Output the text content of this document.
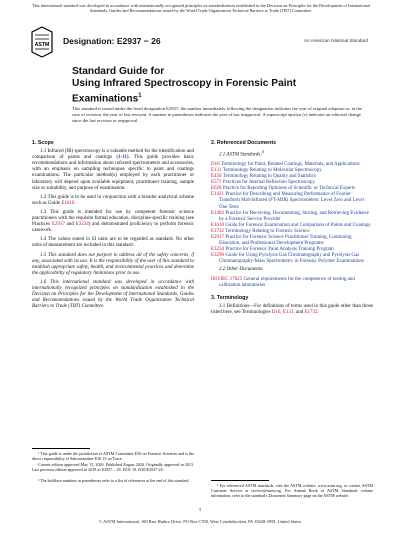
This international standard was developed in accordance with internationally recognized principles on standardization established in the Decision on Principles for the Development of International Standards, Guides and Recommendations issued by the World Trade Organization Technical Barriers to Trade (TBT) Committee.
ASTM Designation: E2937 − 26	An American National Standard
Standard Guide for
Using Infrared Spectroscopy in Forensic Paint
Examinations$^1$
This standard is issued under the fixed designation E2937; the number immediately following the designation indicates the year of original adoption or, in the case of revision, the year of last revision. A number in parentheses indicates the year of last reapproval. A superscript epsilon (ε) indicates an editorial change since the last revision or reapproval.
1. Scope

1.1 Infrared (IR) spectroscopy is a valuable method for the identification and comparison of paints and coatings (1-11). This guide provides basic recommendations and information about infrared spectrometers and accessories, with an emphasis on sampling techniques specific to paint and coatings examinations. The particular method(s) employed by each practitioner or laboratory will depend upon available equipment, practitioner training, sample size or suitability, and purpose of examination.

1.2 This guide is to be used in conjunction with a broader analytical scheme such as Guide E1610.

1.3 This guide is intended for use by competent forensic science practitioners with the requisite formal education, discipline-specific training (see Practices E2917 and E3234) and demonstrated proficiency to perform forensic casework.

1.4 The values stated in SI units are to be regarded as standard. No other units of measurement are included in this standard.

1.5 This standard does not purport to address all of the safety concerns, if any, associated with its use. It is the responsibility of the user of this standard to establish appropriate safety, health, and environmental practices and determine the applicability of regulatory limitations prior to use.

1.6 This international standard was developed in accordance with internationally recognized principles on standardization established in the Decision on Principles for the Development of International Standards, Guides and Recommendations issued by the World Trade Organization Technical Barriers to Trade (TBT) Committee.

¹ This guide is under the jurisdiction of ASTM Committee E30 on Forensic Sciences and is the direct responsibility of Subcommittee E30.15 on Trace.
Current edition approved May 15, 2026. Published August 2026. Originally approved in 2013. Last previous edition approved in 2018 as E2937 – 18. DOI: 10.1520/E2937-26.
² The boldface numbers in parentheses refer to a list of references at the end of this standard.
2. Referenced Documents

2.1 ASTM Standards:$^3$

D16 Terminology for Paint, Related Coatings, Materials, and Applications
E131 Terminology Relating to Molecular Spectroscopy
E456 Terminology Relating to Quality and Statistics
E573 Practices for Internal Reflection Spectroscopy
E620 Practice for Reporting Opinions of Scientific or Technical Experts
E1421 Practice for Describing and Measuring Performance of Fourier Transform Mid-Infrared (FT-MIR) Spectrometers: Level Zero and Level One Tests
E1492 Practice for Receiving, Documenting, Storing, and Retrieving Evidence by a Forensic Service Provider
E1610 Guide for Forensic Examination and Comparison of Paints and Coatings
E1732 Terminology Relating to Forensic Science
E2917 Practice for Forensic Science Practitioner Training, Continuing Education, and Professional Development Programs
E3234 Practice for Forensic Paint Analysis Training Program
E3296 Guide for Using Pyrolysis Gas Chromatography and Pyrolysis Gas Chromatography-Mass Spectrometry in Forensic Polymer Examinations

2.2 Other Documents:

ISO/IEC 17025 General requirements for the competence of testing and calibration laboratories
3. Terminology

3.1 Definitions—For definitions of terms used in this guide other than those listed here, see Terminologies D16, E131, and E1732.

³ For referenced ASTM standards, visit the ASTM website, www.astm.org, or contact ASTM Customer Service at service@astm.org. For Annual Book of ASTM Standards volume information, refer to the standard's Document Summary page on the ASTM website.
1
© ASTM International, 100 Barr Harbor Drive, PO Box C700, West Conshohocken, PA 19428-2959. United States
